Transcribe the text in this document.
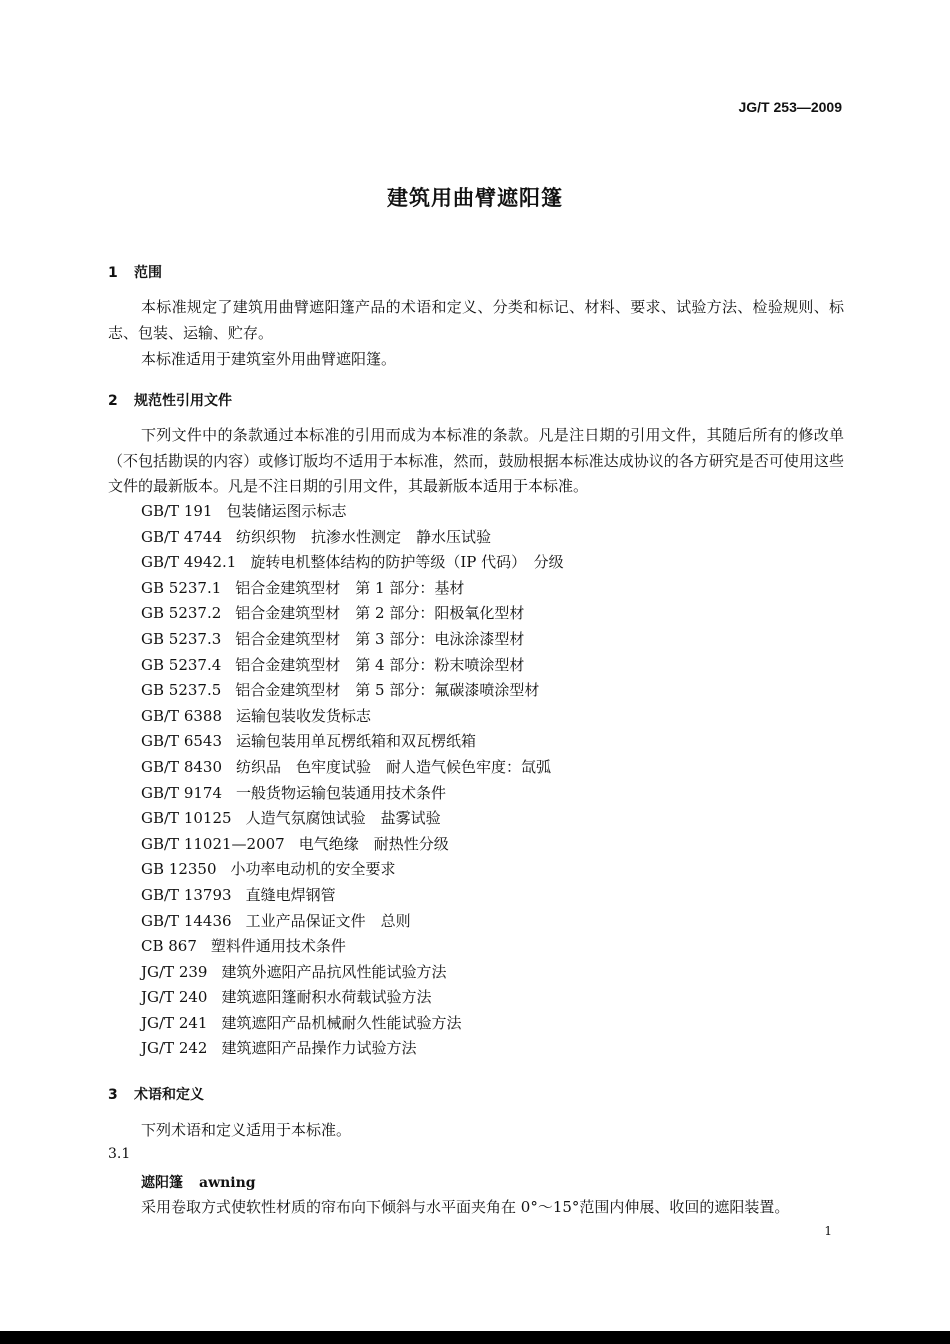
JG/T 253—2009
建筑用曲臂遮阳篷
1 范围
本标准规定了建筑用曲臂遮阳篷产品的术语和定义、分类和标记、材料、要求、试验方法、检验规则、标志、包装、运输、贮存。
本标准适用于建筑室外用曲臂遮阳篷。
2 规范性引用文件
下列文件中的条款通过本标准的引用而成为本标准的条款。凡是注日期的引用文件，其随后所有的修改单（不包括勘误的内容）或修订版均不适用于本标准，然而，鼓励根据本标准达成协议的各方研究是否可使用这些文件的最新版本。凡是不注日期的引用文件，其最新版本适用于本标准。
GB/T 191 包装储运图示标志
GB/T 4744 纺织织物　抗渗水性测定　静水压试验
GB/T 4942.1 旋转电机整体结构的防护等级（IP 代码）　分级
GB 5237.1 铝合金建筑型材　第 1 部分：基材
GB 5237.2 铝合金建筑型材　第 2 部分：阳极氧化型材
GB 5237.3 铝合金建筑型材　第 3 部分：电泳涂漆型材
GB 5237.4 铝合金建筑型材　第 4 部分：粉末喷涂型材
GB 5237.5 铝合金建筑型材　第 5 部分：氟碳漆喷涂型材
GB/T 6388 运输包装收发货标志
GB/T 6543 运输包装用单瓦楞纸箱和双瓦楞纸箱
GB/T 8430 纺织品　色牢度试验　耐人造气候色牢度：氙弧
GB/T 9174 一般货物运输包装通用技术条件
GB/T 10125 人造气氛腐蚀试验　盐雾试验
GB/T 11021—2007 电气绝缘　耐热性分级
GB 12350 小功率电动机的安全要求
GB/T 13793 直缝电焊钢管
GB/T 14436 工业产品保证文件　总则
CB 867 塑料件通用技术条件
JG/T 239 建筑外遮阳产品抗风性能试验方法
JG/T 240 建筑遮阳篷耐积水荷载试验方法
JG/T 241 建筑遮阳产品机械耐久性能试验方法
JG/T 242 建筑遮阳产品操作力试验方法
3 术语和定义
下列术语和定义适用于本标准。
3.1
遮阳篷 awning
采用卷取方式使软性材质的帘布向下倾斜与水平面夹角在 0°～15°范围内伸展、收回的遮阳装置。
1
